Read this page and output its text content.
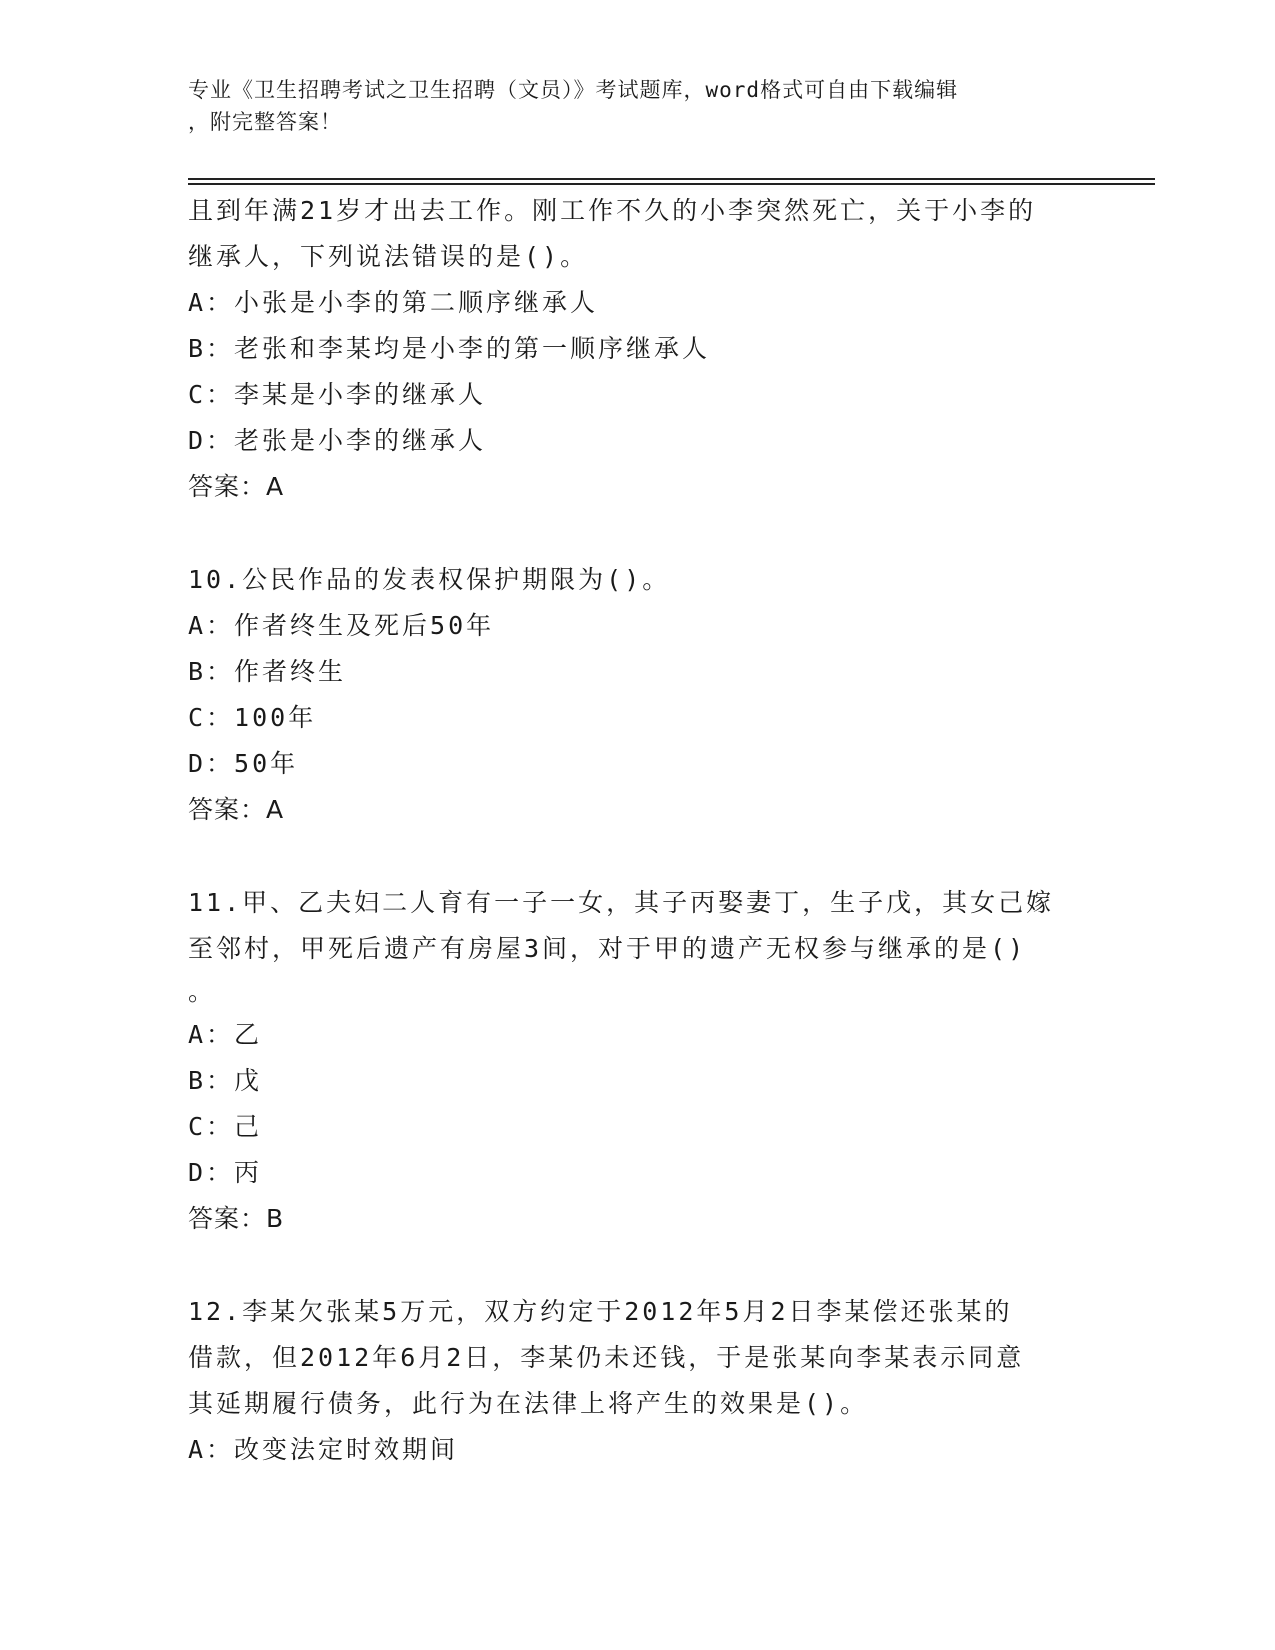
专业《卫生招聘考试之卫生招聘（文员）》考试题库，word格式可自由下载编辑
，附完整答案！
且到年满21岁才出去工作。刚工作不久的小李突然死亡，关于小李的
继承人，下列说法错误的是()。
A：小张是小李的第二顺序继承人
B：老张和李某均是小李的第一顺序继承人
C：李某是小李的继承人
D：老张是小李的继承人
答案：A
10.公民作品的发表权保护期限为()。
A：作者终生及死后50年
B：作者终生
C：100年
D：50年
答案：A
11.甲、乙夫妇二人育有一子一女，其子丙娶妻丁，生子戊，其女己嫁
至邻村，甲死后遗产有房屋3间，对于甲的遗产无权参与继承的是()
。
A：乙
B：戊
C：己
D：丙
答案：B
12.李某欠张某5万元，双方约定于2012年5月2日李某偿还张某的
借款，但2012年6月2日，李某仍未还钱，于是张某向李某表示同意
其延期履行债务，此行为在法律上将产生的效果是()。
A：改变法定时效期间
